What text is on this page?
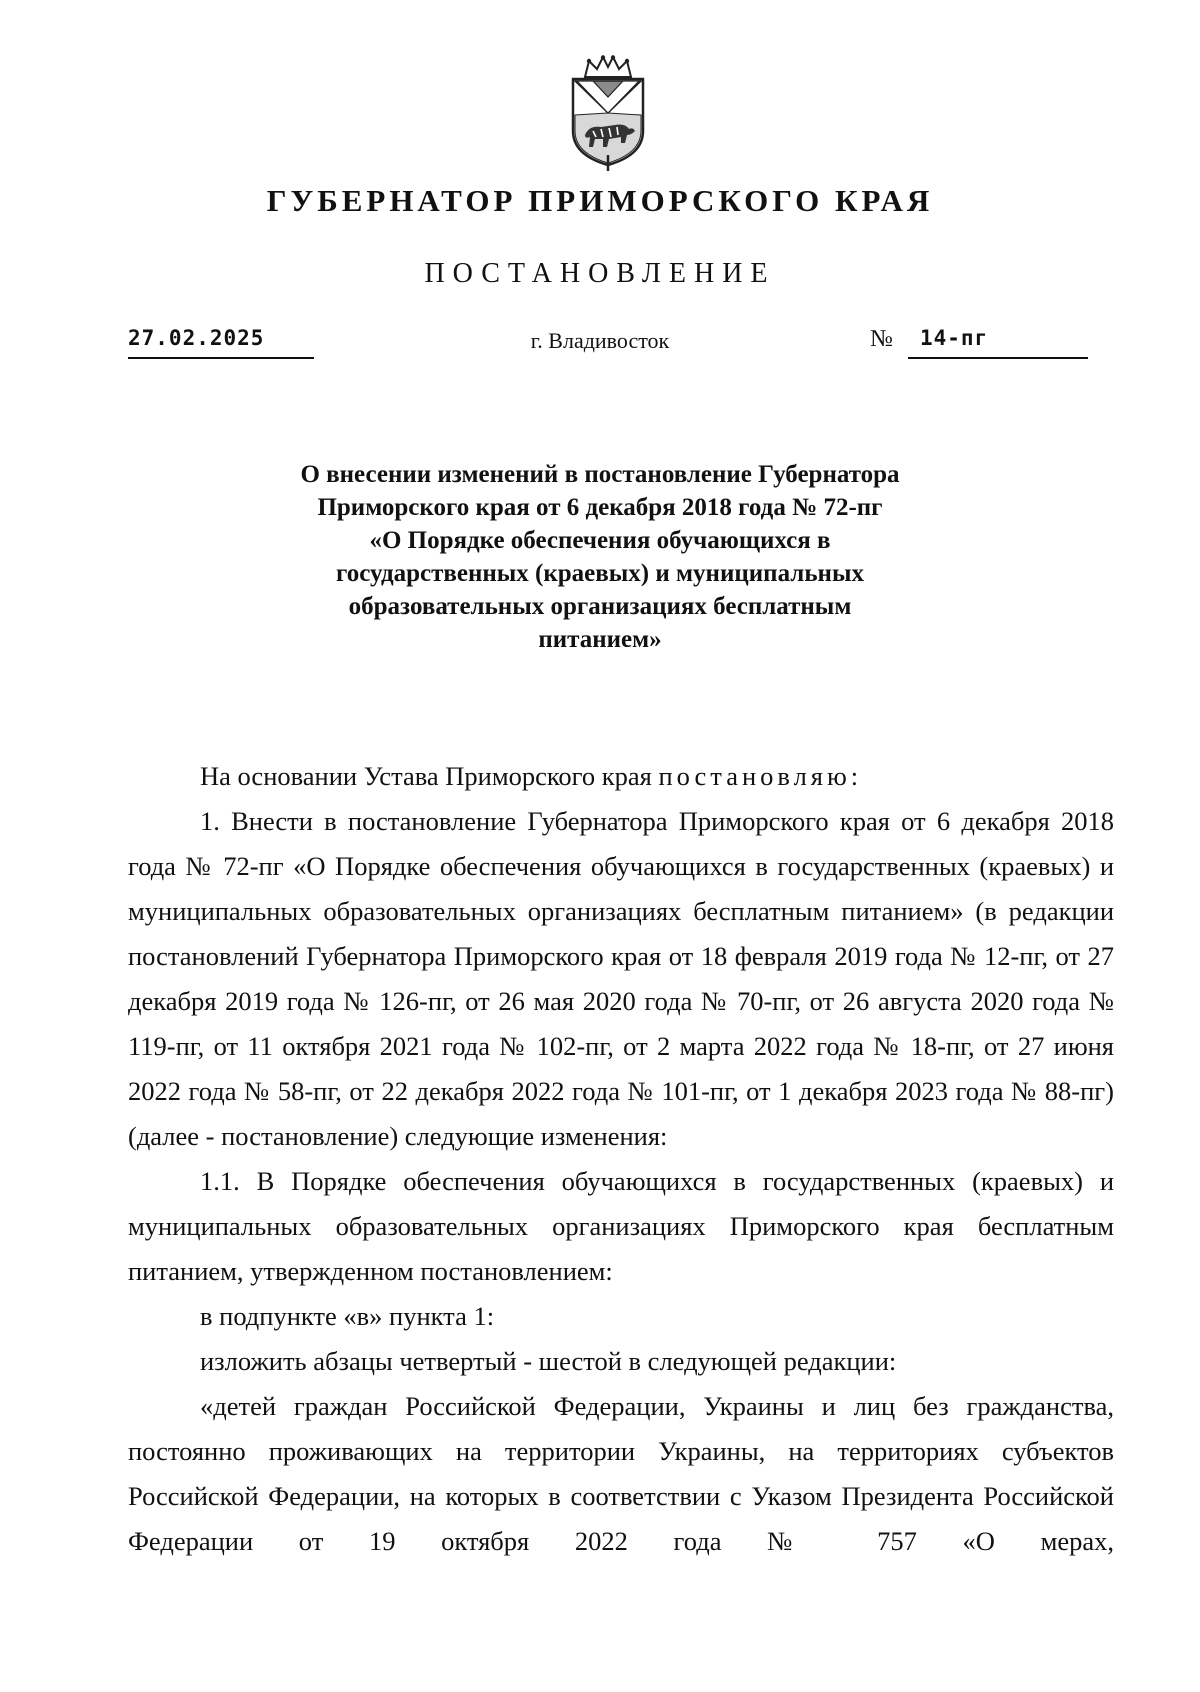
ГУБЕРНАТОР ПРИМОРСКОГО КРАЯ
ПОСТАНОВЛЕНИЕ
27.02.2025	г. Владивосток	№ 14-пг
О внесении изменений в постановление Губернатора
Приморского края от 6 декабря 2018 года № 72-пг
«О Порядке обеспечения обучающихся в
государственных (краевых) и муниципальных
образовательных организациях бесплатным
питанием»

На основании Устава Приморского края постановляю:

1. Внести в постановление Губернатора Приморского края от 6 декабря 2018 года № 72-пг «О Порядке обеспечения обучающихся в государственных (краевых) и муниципальных образовательных организациях бесплатным питанием» (в редакции постановлений Губернатора Приморского края от 18 февраля 2019 года № 12-пг, от 27 декабря 2019 года № 126-пг, от 26 мая 2020 года № 70-пг, от 26 августа 2020 года № 119-пг, от 11 октября 2021 года № 102-пг, от 2 марта 2022 года № 18-пг, от 27 июня 2022 года № 58-пг, от 22 декабря 2022 года № 101-пг, от 1 декабря 2023 года № 88-пг) (далее - постановление) следующие изменения:

1.1. В Порядке обеспечения обучающихся в государственных (краевых) и муниципальных образовательных организациях Приморского края бесплатным питанием, утвержденном постановлением:

в подпункте «в» пункта 1:

изложить абзацы четвертый - шестой в следующей редакции:

«детей граждан Российской Федерации, Украины и лиц без гражданства, постоянно проживающих на территории Украины, на территориях субъектов Российской Федерации, на которых в соответствии с Указом Президента Российской Федерации от 19 октября 2022 года № 757 «О мерах,
